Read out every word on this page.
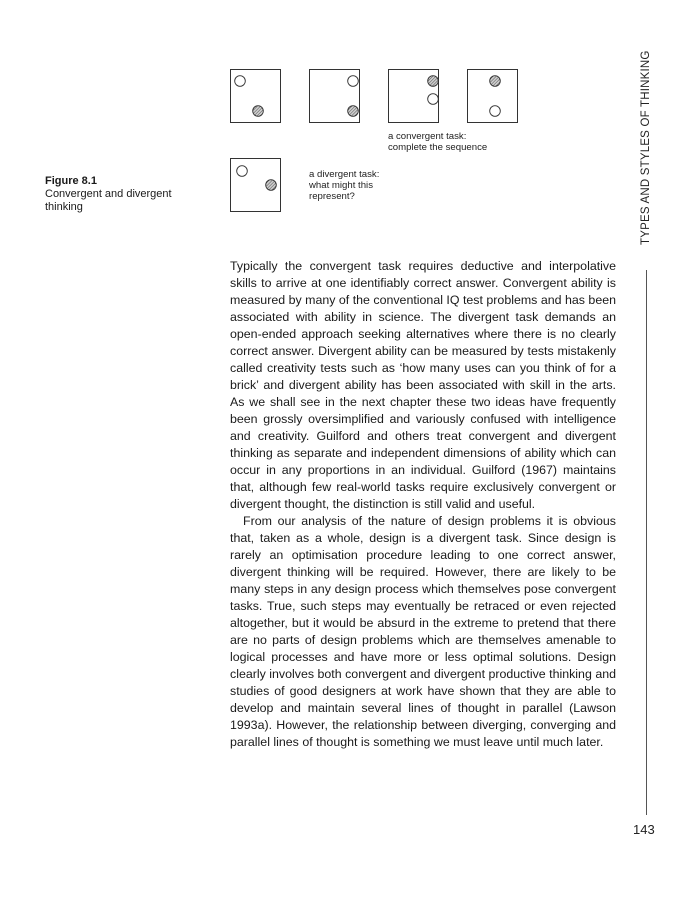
a convergent task:
complete the sequence
a divergent task:
what might this
represent?
Figure 8.1
Convergent and divergent thinking

Typically the convergent task requires deductive and interpolative skills to arrive at one identifiably correct answer. Convergent ability is measured by many of the conventional IQ test problems and has been associated with ability in science. The divergent task demands an open-ended approach seeking alternatives where there is no clearly correct answer. Divergent ability can be measured by tests mistakenly called creativity tests such as ‘how many uses can you think of for a brick’ and divergent ability has been associated with skill in the arts. As we shall see in the next chapter these two ideas have frequently been grossly oversimplified and variously confused with intelligence and creativity. Guilford and others treat convergent and divergent thinking as separate and independent dimensions of ability which can occur in any proportions in an individual. Guilford (1967) maintains that, although few real-world tasks require exclusively convergent or divergent thought, the distinction is still valid and useful.

From our analysis of the nature of design problems it is obvious that, taken as a whole, design is a divergent task. Since design is rarely an optimisation procedure leading to one correct answer, divergent thinking will be required. However, there are likely to be many steps in any design process which themselves pose convergent tasks. True, such steps may eventually be retraced or even rejected altogether, but it would be absurd in the extreme to pretend that there are no parts of design problems which are themselves amenable to logical processes and have more or less optimal solutions. Design clearly involves both convergent and divergent productive thinking and studies of good designers at work have shown that they are able to develop and maintain several lines of thought in parallel (Lawson 1993a). However, the relationship between diverging, converging and parallel lines of thought is something we must leave until much later.

TYPES AND STYLES OF THINKING
143
